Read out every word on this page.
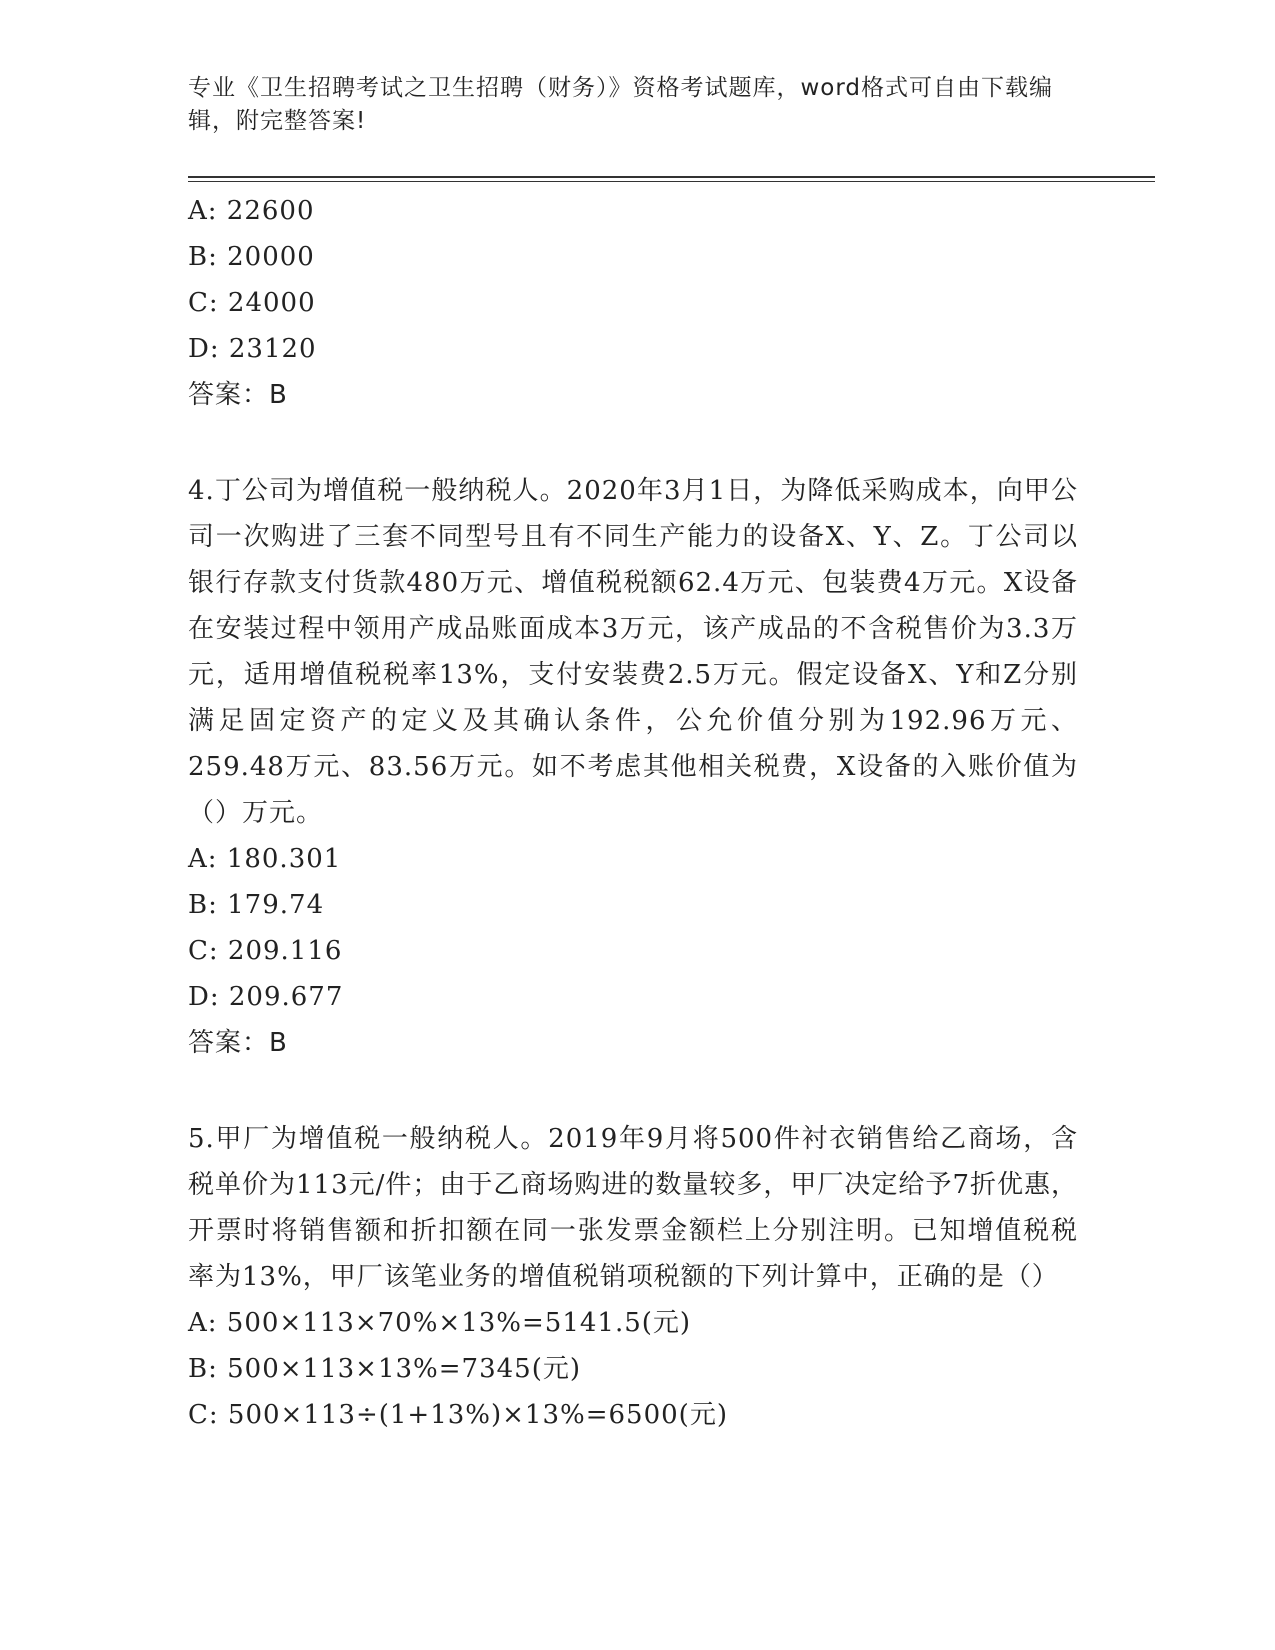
专业《卫生招聘考试之卫生招聘（财务）》资格考试题库，word格式可自由下载编辑，附完整答案!
A: 22600
B: 20000
C: 24000
D: 23120
答案：B
4.丁公司为增值税一般纳税人。2020年3月1日，为降低采购成本，向甲公司一次购进了三套不同型号且有不同生产能力的设备X、Y、Z。丁公司以银行存款支付货款480万元、增值税税额62.4万元、包装费4万元。X设备在安装过程中领用产成品账面成本3万元，该产成品的不含税售价为3.3万元，适用增值税税率13%，支付安装费2.5万元。假定设备X、Y和Z分别满足固定资产的定义及其确认条件，公允价值分别为192.96万元、259.48万元、83.56万元。如不考虑其他相关税费，X设备的入账价值为（）万元。
A: 180.301
B: 179.74
C: 209.116
D: 209.677
答案：B
5.甲厂为增值税一般纳税人。2019年9月将500件衬衣销售给乙商场，含税单价为113元/件；由于乙商场购进的数量较多，甲厂决定给予7折优惠，开票时将销售额和折扣额在同一张发票金额栏上分别注明。已知增值税税率为13%，甲厂该笔业务的增值税销项税额的下列计算中，正确的是（）
A: 500×113×70%×13%=5141.5(元)
B: 500×113×13%=7345(元)
C: 500×113÷(1+13%)×13%=6500(元)
